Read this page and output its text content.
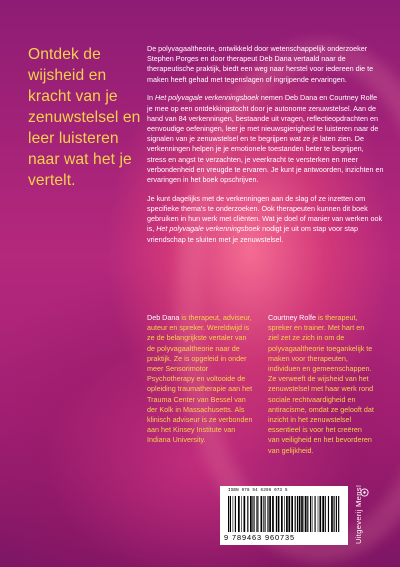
Ontdek de wijsheid en kracht van je zenuwstelsel en leer luisteren naar wat het je vertelt.

De polyvagaaltheorie, ontwikkeld door wetenschappelijk onderzoeker Stephen Porges en door therapeut Deb Dana vertaald naar de therapeutische praktijk, biedt een weg naar herstel voor iedereen die te maken heeft gehad met tegenslagen of ingrijpende ervaringen.

In Het polyvagale verkenningsboek nemen Deb Dana en Courtney Rolfe je mee op een ontdekkingstocht door je autonome zenuwstelsel. Aan de hand van 84 verkenningen, bestaande uit vragen, reflectieopdrachten en eenvoudige oefeningen, leer je met nieuwsgierigheid te luisteren naar de signalen van je zenuwstelsel en te begrijpen wat ze je laten zien. De verkenningen helpen je je emotionele toestanden beter te begrijpen, stress en angst te verzachten, je veerkracht te versterken en meer verbondenheid en vreugde te ervaren. Je kunt je antwoorden, inzichten en ervaringen in het boek opschrijven.

Je kunt dagelijks met de verkenningen aan de slag of ze inzetten om specifieke thema's te onderzoeken. Ook therapeuten kunnen dit boek gebruiken in hun werk met cliënten. Wat je doel of manier van werken ook is, Het polyvagale verkenningsboek nodigt je uit om stap voor stap vriendschap te sluiten met je zenuwstelsel.

Deb Dana is therapeut, adviseur, auteur en spreker. Wereldwijd is ze de belangrijkste vertaler van de polyvagaaltheorie naar de praktijk. Ze is opgeleid in onder meer Sensorimotor Psychotherapy en voltooide de opleiding traumatherapie aan het Trauma Center van Bessel van der Kolk in Massachusetts. Als klinisch adviseur is ze verbonden aan het Kinsey Institute van Indiana University.

Courtney Rolfe is therapeut, spreker en trainer. Met hart en ziel zet ze zich in om de polyvagaaltheorie toegankelijk te maken voor therapeuten, individuen en gemeenschappen. Ze verweeft de wijsheid van het zenuwstelsel met haar werk rond sociale rechtvaardigheid en antiracisme, omdat ze gelooft dat inzicht in het zenuwstelsel essentieel is voor het creëren van veiligheid en het bevorderen van gelijkheid.

ISBN 978 94 6396 073 5
9 789463 960735	Uitgeverij Mens!
